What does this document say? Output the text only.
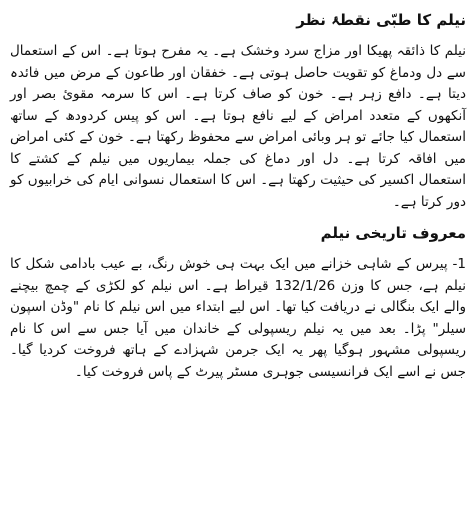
نیلم کا طبّی نقطۂ نظر

نیلم کا ذائقہ پھیکا اور مزاج سرد وخشک ہے۔ یہ مفرح ہوتا ہے۔ اس کے استعمال سے دل ودماغ کو تقویت حاصل ہوتی ہے۔ خفقان اور طاعون کے مرض میں فائدہ دیتا ہے۔ دافع زہر ہے۔ خون کو صاف کرتا ہے۔ اس کا سرمہ مقوئ بصر اور آنکھوں کے متعدد امراض کے لیے نافع ہوتا ہے۔ اس کو پیس کردودھ کے ساتھ استعمال کیا جائے تو ہر وبائی امراض سے محفوظ رکھتا ہے۔ خون کے کئی امراض میں افاقہ کرتا ہے۔ دل اور دماغ کی جملہ بیماریوں میں نیلم کے کشتے کا استعمال اکسیر کی حیثیت رکھتا ہے۔ اس کا استعمال نسوانی ایام کی خرابیوں کو دور کرتا ہے۔

معروف تاریخی نیلم

1- پیرس کے شاہی خزانے میں ایک بہت ہی خوش رنگ، بے عیب بادامی شکل کا نیلم ہے، جس کا وزن 132/1/26 قیراط ہے۔ اس نیلم کو لکڑی کے چمچ بیچنے والے ایک بنگالی نے دریافت کیا تھا۔ اس لیے ابتداء میں اس نیلم کا نام "وڈن اسپون سیلر" پڑا۔ بعد میں یہ نیلم ریسپولی کے خاندان میں آیا جس سے اس کا نام ریسپولی مشہور ہوگیا پھر یہ ایک جرمن شہزادے کے ہاتھ فروخت کردیا گیا۔ جس نے اسے ایک فرانسیسی جوہری مسٹر پیرٹ کے پاس فروخت کیا۔
